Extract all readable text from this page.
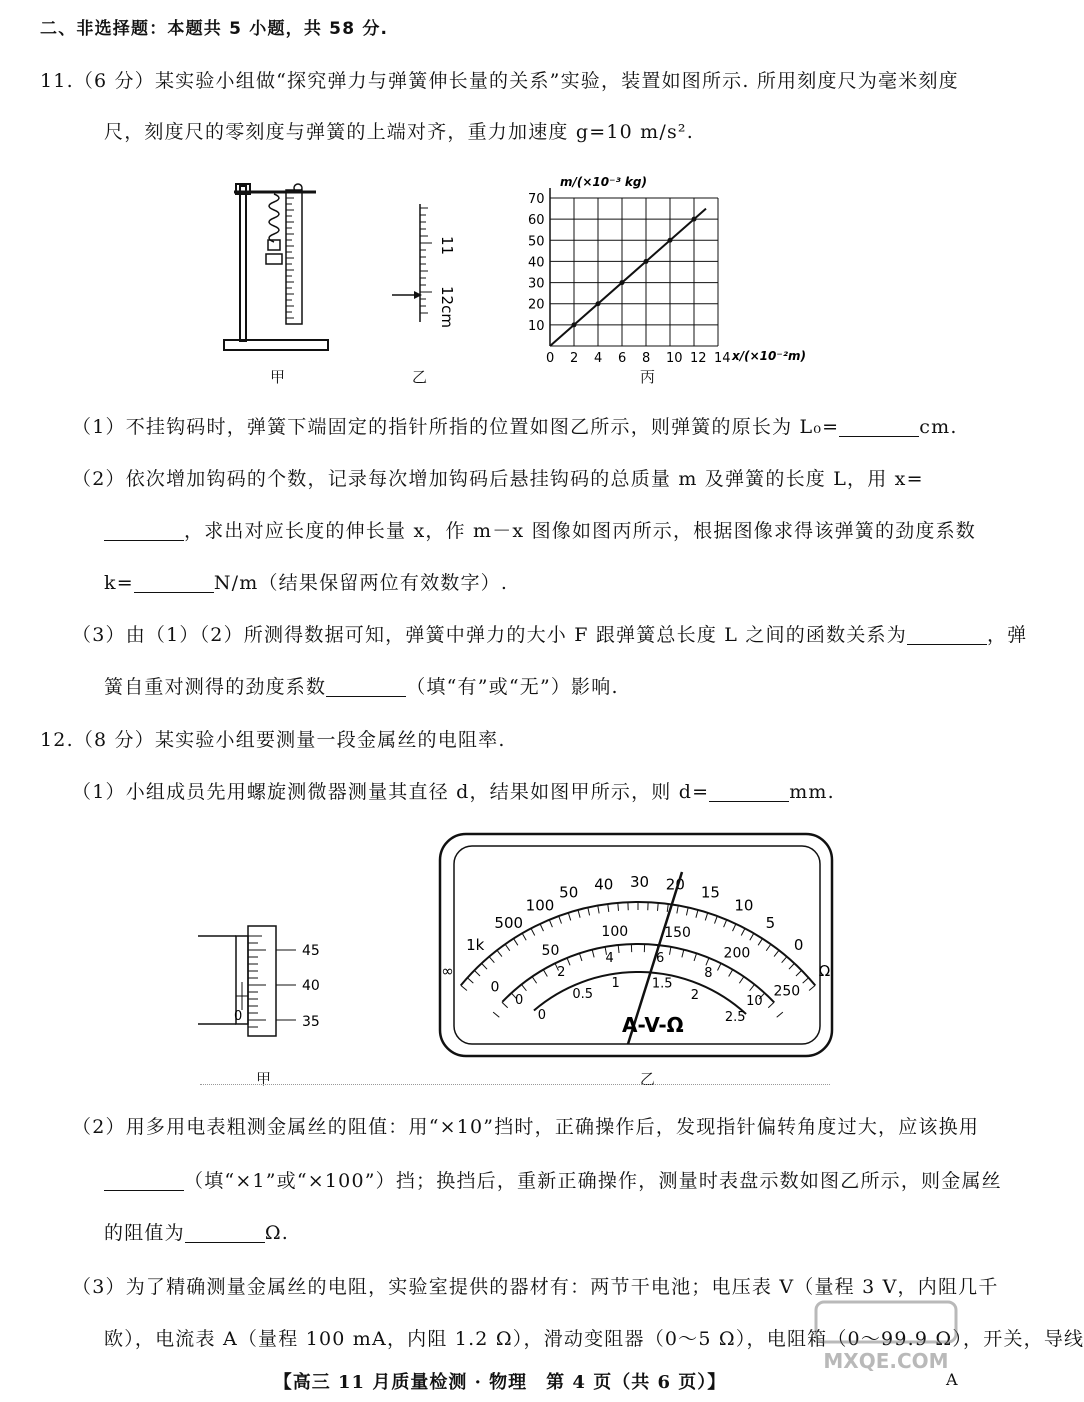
二、非选择题：本题共 5 小题，共 58 分.
11.（6 分）某实验小组做“探究弹力与弹簧伸长量的关系”实验，装置如图所示. 所用刻度尺为毫米刻度
尺，刻度尺的零刻度与弹簧的上端对齐，重力加速度 g=10 m/s².
甲
11
12cm
乙
m/(×10⁻³ kg)
x/(×10⁻²m)
0 2 4 6 8 10 12 14
10
20
30
40
50
60
70
丙
（1）不挂钩码时，弹簧下端固定的指针所指的位置如图乙所示，则弹簧的原长为 L₀=	cm.
（2）依次增加钩码的个数，记录每次增加钩码后悬挂钩码的总质量 m 及弹簧的长度 L，用 x=
，求出对应长度的伸长量 x，作 m－x 图像如图丙所示，根据图像求得该弹簧的劲度系数
k=	N/m（结果保留两位有效数字）.
（3）由（1）（2）所测得数据可知，弹簧中弹力的大小 F 跟弹簧总长度 L 之间的函数关系为	，弹
簧自重对测得的劲度系数	（填“有”或“无”）影响.
12.（8 分）某实验小组要测量一段金属丝的电阻率.
（1）小组成员先用螺旋测微器测量其直径 d，结果如图甲所示，则 d=	mm.
45
40
35
0
甲
∞
1k
500
100
50 40 30 20 15
10
5
0
Ω
0
50
100	150
200
250
0
0.5
1 1.5
2
2.5
0
2
4	6
8
10
A-V-Ω
乙
（2）用多用电表粗测金属丝的阻值：用“×10”挡时，正确操作后，发现指针偏转角度过大，应该换用
（填“×1”或“×100”）挡；换挡后，重新正确操作，测量时表盘示数如图乙所示，则金属丝
的阻值为	Ω.
（3）为了精确测量金属丝的电阻，实验室提供的器材有：两节干电池；电压表 V（量程 3 V，内阻几千
欧），电流表 A（量程 100 mA，内阻 1.2 Ω），滑动变阻器（0～5 Ω），电阻箱（0～99.9 Ω），开关，导线
MXQE.COM
【高三 11 月质量检测 · 物理　第 4 页（共 6 页）】	A
